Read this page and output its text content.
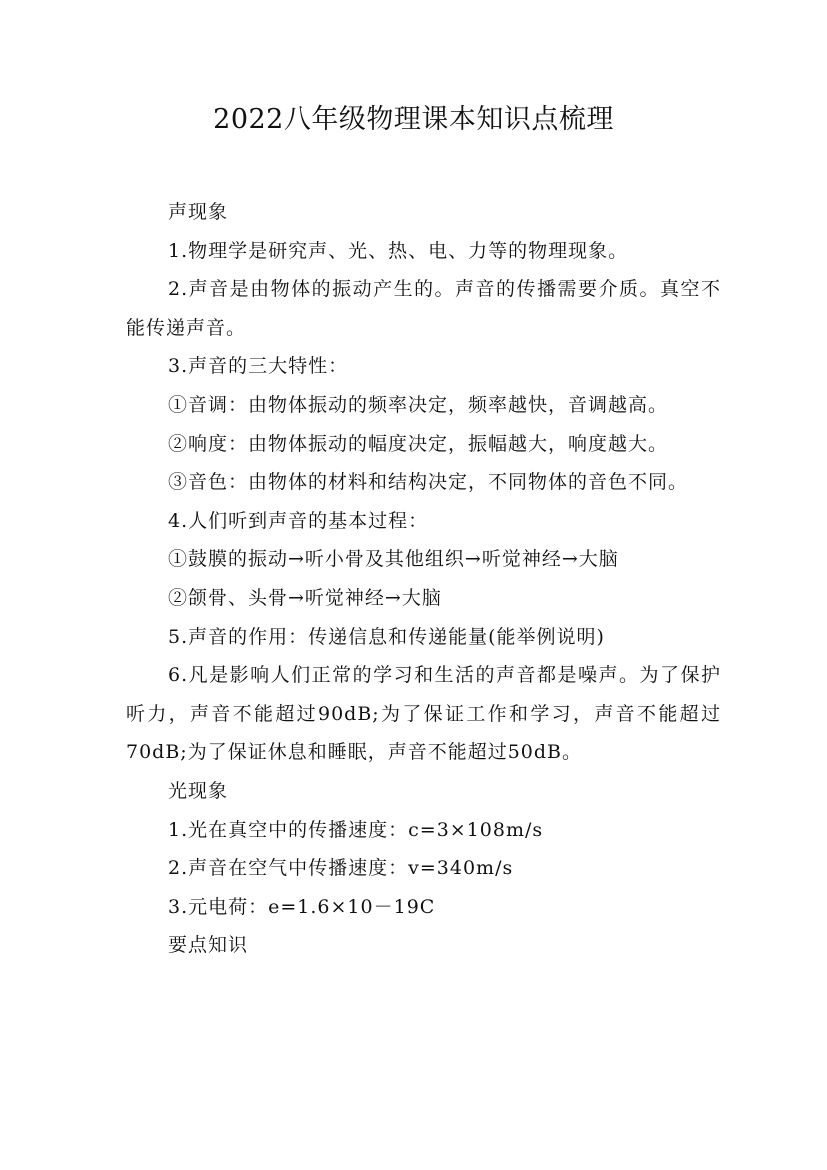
2022八年级物理课本知识点梳理

声现象

1.物理学是研究声、光、热、电、力等的物理现象。

2.声音是由物体的振动产生的。声音的传播需要介质。真空不能传递声音。

3.声音的三大特性：

①音调：由物体振动的频率决定，频率越快，音调越高。

②响度：由物体振动的幅度决定，振幅越大，响度越大。

③音色：由物体的材料和结构决定，不同物体的音色不同。

4.人们听到声音的基本过程：

①鼓膜的振动→听小骨及其他组织→听觉神经→大脑

②颌骨、头骨→听觉神经→大脑

5.声音的作用：传递信息和传递能量(能举例说明)

6.凡是影响人们正常的学习和生活的声音都是噪声。为了保护听力，声音不能超过90dB;为了保证工作和学习，声音不能超过70dB;为了保证休息和睡眠，声音不能超过50dB。

光现象

1.光在真空中的传播速度：c=3×108m/s

2.声音在空气中传播速度：v=340m/s

3.元电荷：e=1.6×10－19C

要点知识
